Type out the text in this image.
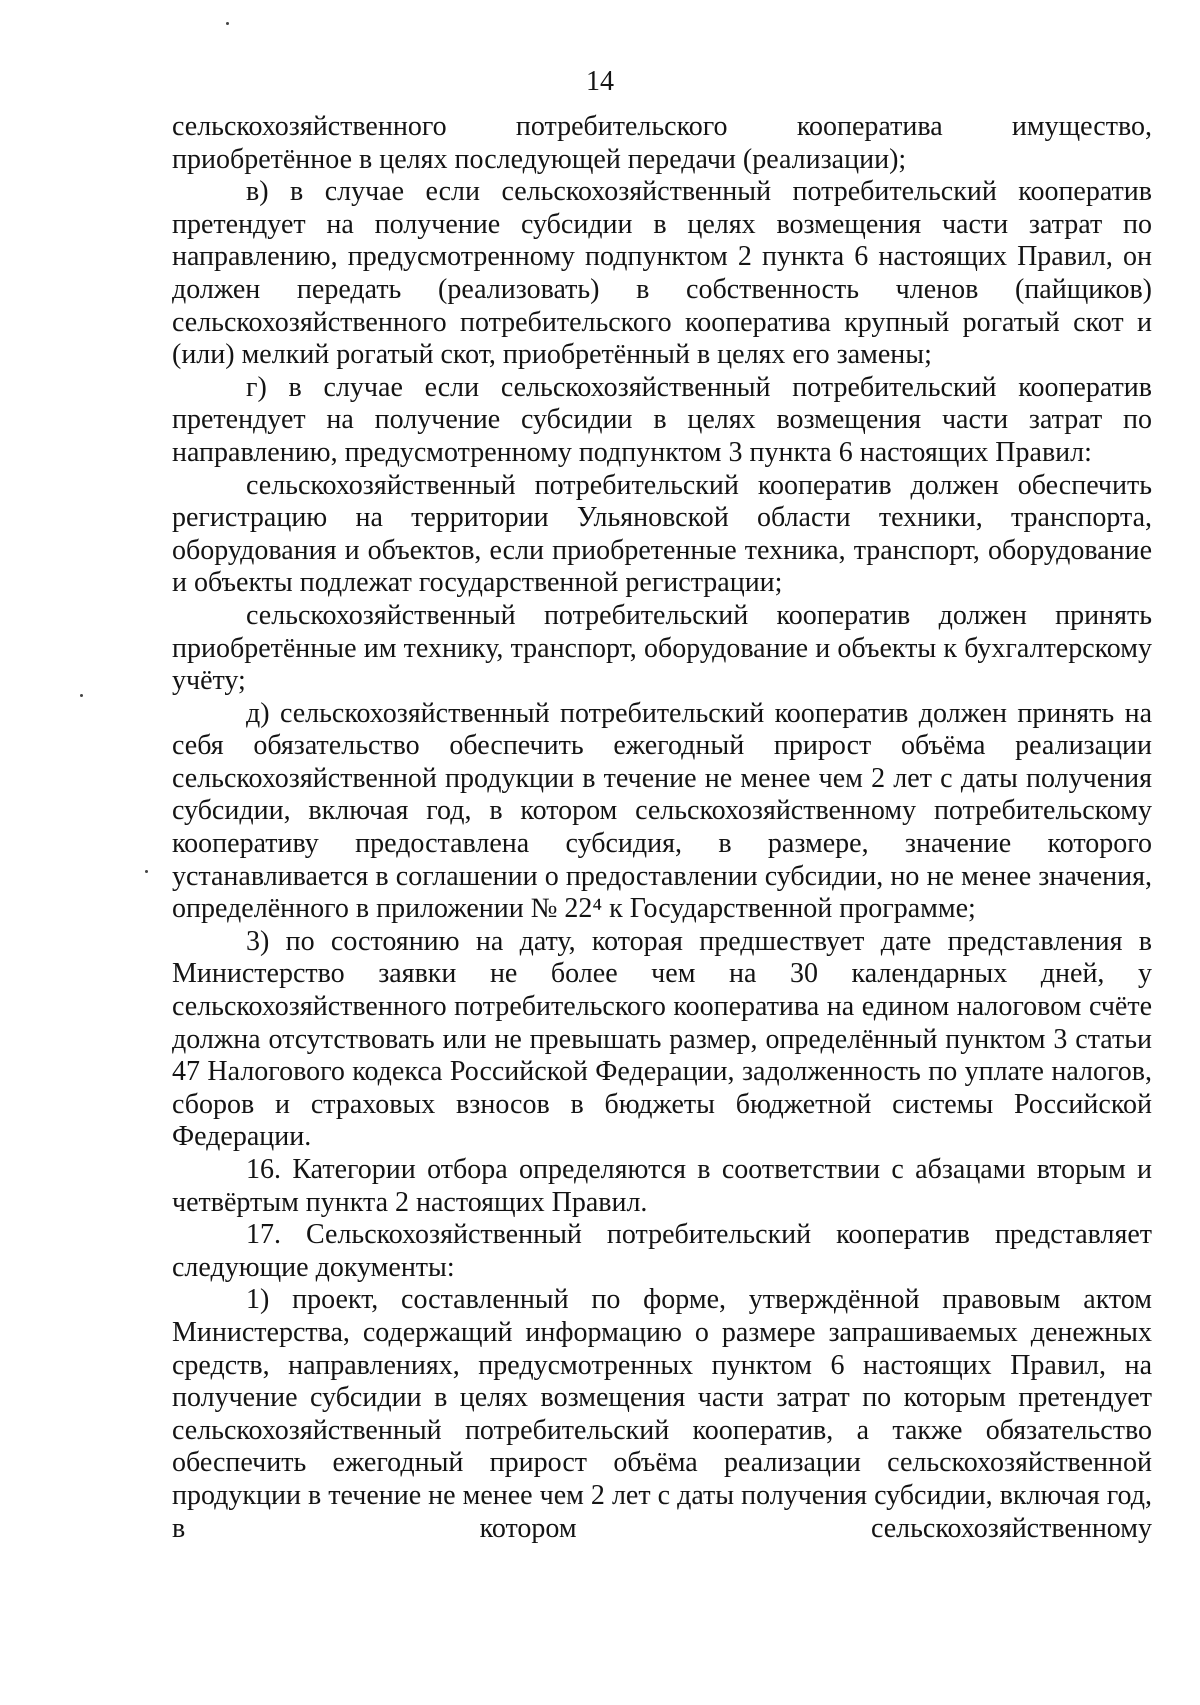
14

сельскохозяйственного потребительского кооператива имущество, приобретённое в целях последующей передачи (реализации);

в) в случае если сельскохозяйственный потребительский кооператив претендует на получение субсидии в целях возмещения части затрат по направлению, предусмотренному подпунктом 2 пункта 6 настоящих Правил, он должен передать (реализовать) в собственность членов (пайщиков) сельскохозяйственного потребительского кооператива крупный рогатый скот и (или) мелкий рогатый скот, приобретённый в целях его замены;

г) в случае если сельскохозяйственный потребительский кооператив претендует на получение субсидии в целях возмещения части затрат по направлению, предусмотренному подпунктом 3 пункта 6 настоящих Правил:

сельскохозяйственный потребительский кооператив должен обеспечить регистрацию на территории Ульяновской области техники, транспорта, оборудования и объектов, если приобретенные техника, транспорт, оборудование и объекты подлежат государственной регистрации;

сельскохозяйственный потребительский кооператив должен принять приобретённые им технику, транспорт, оборудование и объекты к бухгалтерскому учёту;

д) сельскохозяйственный потребительский кооператив должен принять на себя обязательство обеспечить ежегодный прирост объёма реализации сельскохозяйственной продукции в течение не менее чем 2 лет с даты получения субсидии, включая год, в котором сельскохозяйственному потребительскому кооперативу предоставлена субсидия, в размере, значение которого устанавливается в соглашении о предоставлении субсидии, но не менее значения, определённого в приложении № 22⁴ к Государственной программе;

3) по состоянию на дату, которая предшествует дате представления в Министерство заявки не более чем на 30 календарных дней, у сельскохозяйственного потребительского кооператива на едином налоговом счёте должна отсутствовать или не превышать размер, определённый пунктом 3 статьи 47 Налогового кодекса Российской Федерации, задолженность по уплате налогов, сборов и страховых взносов в бюджеты бюджетной системы Российской Федерации.

16. Категории отбора определяются в соответствии с абзацами вторым и четвёртым пункта 2 настоящих Правил.

17. Сельскохозяйственный потребительский кооператив представляет следующие документы:

1) проект, составленный по форме, утверждённой правовым актом Министерства, содержащий информацию о размере запрашиваемых денежных средств, направлениях, предусмотренных пунктом 6 настоящих Правил, на получение субсидии в целях возмещения части затрат по которым претендует сельскохозяйственный потребительский кооператив, а также обязательство обеспечить ежегодный прирост объёма реализации сельскохозяйственной продукции в течение не менее чем 2 лет с даты получения субсидии, включая год, в котором сельскохозяйственному
